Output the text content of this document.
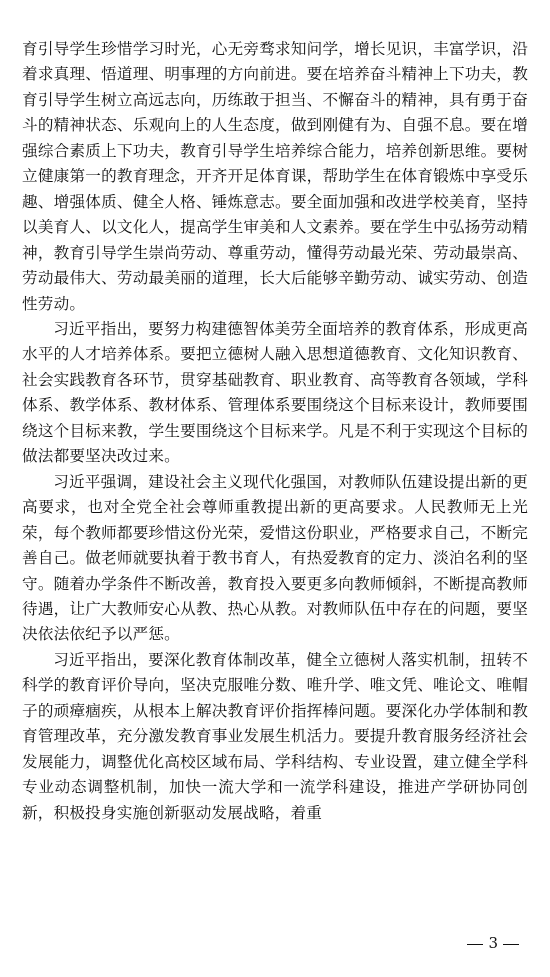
育引导学生珍惜学习时光，心无旁骛求知问学，增长见识，丰富学识，沿着求真理、悟道理、明事理的方向前进。要在培养奋斗精神上下功夫，教育引导学生树立高远志向，历练敢于担当、不懈奋斗的精神，具有勇于奋斗的精神状态、乐观向上的人生态度，做到刚健有为、自强不息。要在增强综合素质上下功夫，教育引导学生培养综合能力，培养创新思维。要树立健康第一的教育理念，开齐开足体育课，帮助学生在体育锻炼中享受乐趣、增强体质、健全人格、锤炼意志。要全面加强和改进学校美育，坚持以美育人、以文化人，提高学生审美和人文素养。要在学生中弘扬劳动精神，教育引导学生崇尚劳动、尊重劳动，懂得劳动最光荣、劳动最崇高、劳动最伟大、劳动最美丽的道理，长大后能够辛勤劳动、诚实劳动、创造性劳动。

习近平指出，要努力构建德智体美劳全面培养的教育体系，形成更高水平的人才培养体系。要把立德树人融入思想道德教育、文化知识教育、社会实践教育各环节，贯穿基础教育、职业教育、高等教育各领域，学科体系、教学体系、教材体系、管理体系要围绕这个目标来设计，教师要围绕这个目标来教，学生要围绕这个目标来学。凡是不利于实现这个目标的做法都要坚决改过来。

习近平强调，建设社会主义现代化强国，对教师队伍建设提出新的更高要求，也对全党全社会尊师重教提出新的更高要求。人民教师无上光荣，每个教师都要珍惜这份光荣，爱惜这份职业，严格要求自己，不断完善自己。做老师就要执着于教书育人，有热爱教育的定力、淡泊名利的坚守。随着办学条件不断改善，教育投入要更多向教师倾斜，不断提高教师待遇，让广大教师安心从教、热心从教。对教师队伍中存在的问题，要坚决依法依纪予以严惩。

习近平指出，要深化教育体制改革，健全立德树人落实机制，扭转不科学的教育评价导向，坚决克服唯分数、唯升学、唯文凭、唯论文、唯帽子的顽瘴痼疾，从根本上解决教育评价指挥棒问题。要深化办学体制和教育管理改革，充分激发教育事业发展生机活力。要提升教育服务经济社会发展能力，调整优化高校区域布局、学科结构、专业设置，建立健全学科专业动态调整机制，加快一流大学和一流学科建设，推进产学研协同创新，积极投身实施创新驱动发展战略，着重

3
